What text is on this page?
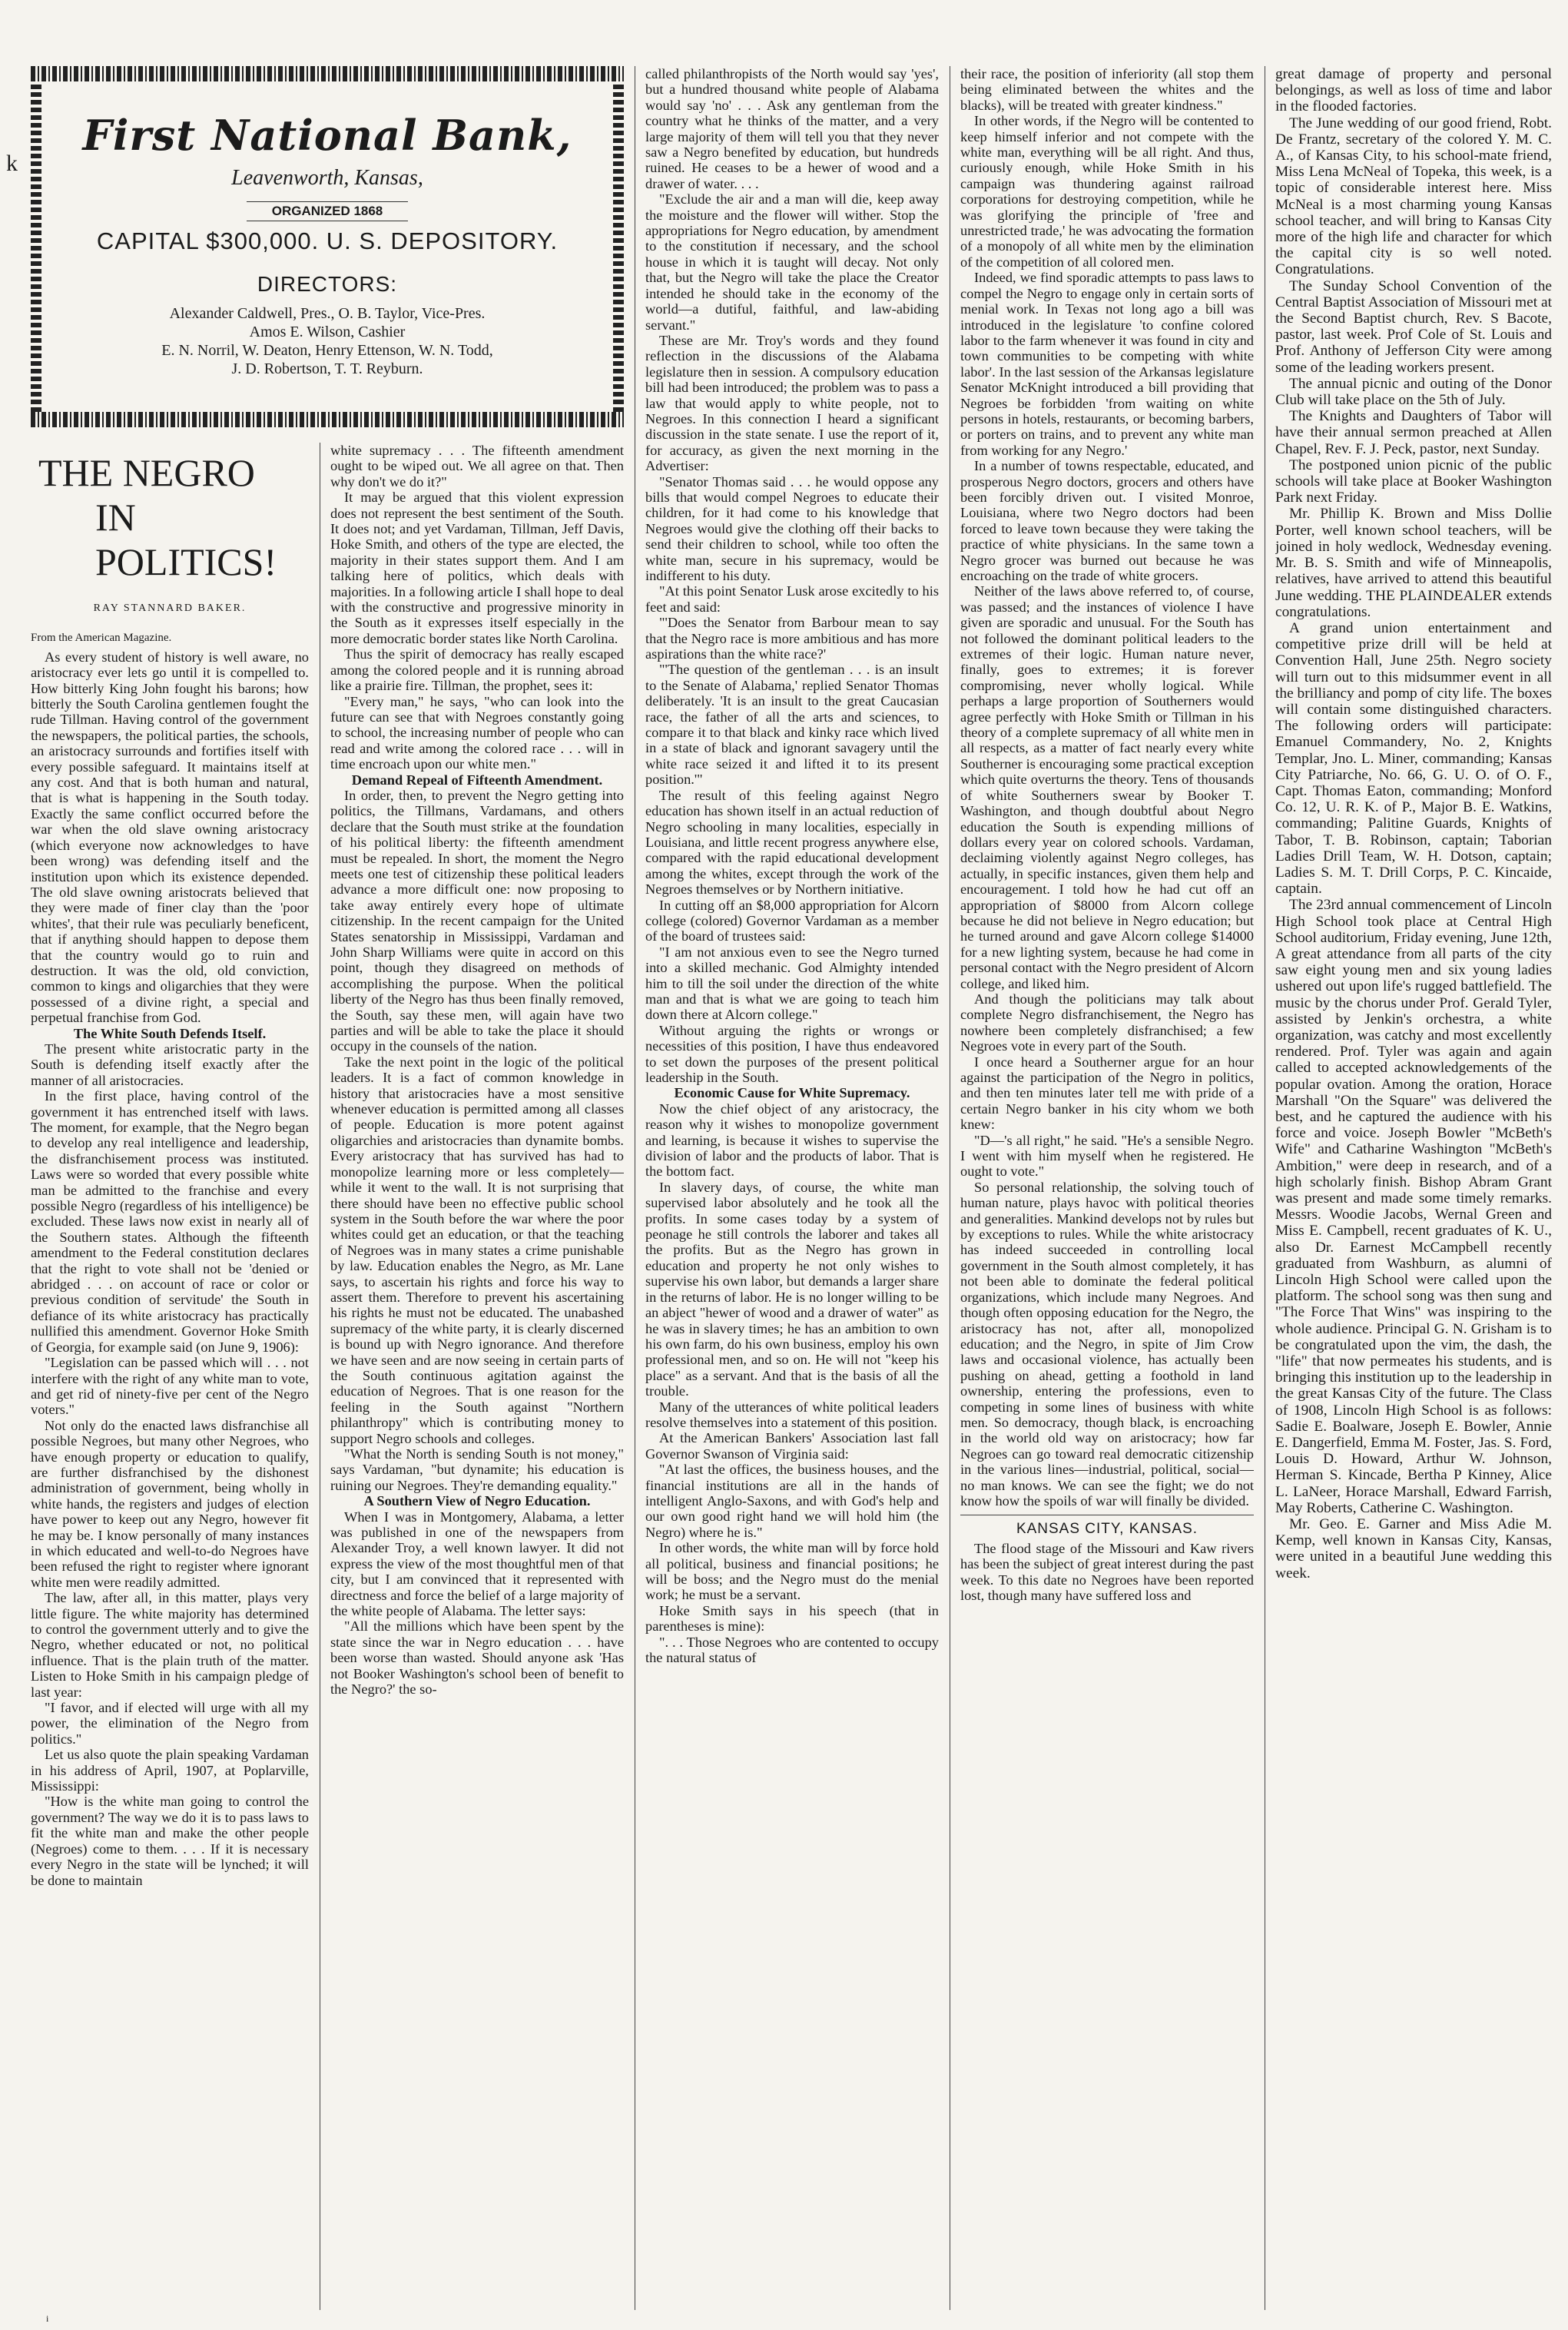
k
First National Bank,
Leavenworth, Kansas,
ORGANIZED 1868
CAPITAL $300,000. U. S. DEPOSITORY.
DIRECTORS:
Alexander Caldwell, Pres., O. B. Taylor, Vice-Pres.
Amos E. Wilson, Cashier
E. N. Norril, W. Deaton, Henry Ettenson, W. N. Todd,
J. D. Robertson, T. T. Reyburn.
THE NEGRO
IN POLITICS!
RAY STANNARD BAKER.
From the American Magazine.

As every student of history is well aware, no aristocracy ever lets go until it is compelled to. How bitterly King John fought his barons; how bitterly the South Carolina gentlemen fought the rude Tillman. Having control of the government the newspapers, the political parties, the schools, an aristocracy surrounds and fortifies itself with every possible safeguard. It maintains itself at any cost. And that is both human and natural, that is what is happening in the South today. Exactly the same conflict occurred before the war when the old slave owning aristocracy (which everyone now acknowledges to have been wrong) was defending itself and the institution upon which its existence depended. The old slave owning aristocrats believed that they were made of finer clay than the 'poor whites', that their rule was peculiarly beneficent, that if anything should happen to depose them that the country would go to ruin and destruction. It was the old, old conviction, common to kings and oligarchies that they were possessed of a divine right, a special and perpetual franchise from God.

The White South Defends Itself.

The present white aristocratic party in the South is defending itself exactly after the manner of all aristocracies.

In the first place, having control of the government it has entrenched itself with laws. The moment, for example, that the Negro began to develop any real intelligence and leadership, the disfranchisement process was instituted. Laws were so worded that every possible white man be admitted to the franchise and every possible Negro (regardless of his intelligence) be excluded. These laws now exist in nearly all of the Southern states. Although the fifteenth amendment to the Federal constitution declares that the right to vote shall not be 'denied or abridged . . . on account of race or color or previous condition of servitude' the South in defiance of its white aristocracy has practically nullified this amendment. Governor Hoke Smith of Georgia, for example said (on June 9, 1906):

"Legislation can be passed which will . . . not interfere with the right of any white man to vote, and get rid of ninety-five per cent of the Negro voters."

Not only do the enacted laws disfranchise all possible Negroes, but many other Negroes, who have enough property or education to qualify, are further disfranchised by the dishonest administration of government, being wholly in white hands, the registers and judges of election have power to keep out any Negro, however fit he may be. I know personally of many instances in which educated and well-to-do Negroes have been refused the right to register where ignorant white men were readily admitted.

The law, after all, in this matter, plays very little figure. The white majority has determined to control the government utterly and to give the Negro, whether educated or not, no political influence. That is the plain truth of the matter. Listen to Hoke Smith in his campaign pledge of last year:

"I favor, and if elected will urge with all my power, the elimination of the Negro from politics."

Let us also quote the plain speaking Vardaman in his address of April, 1907, at Poplarville, Mississippi:

"How is the white man going to control the government? The way we do it is to pass laws to fit the white man and make the other people (Negroes) come to them. . . . If it is necessary every Negro in the state will be lynched; it will be done to maintain

white supremacy . . . The fifteenth amendment ought to be wiped out. We all agree on that. Then why don't we do it?"

It may be argued that this violent expression does not represent the best sentiment of the South. It does not; and yet Vardaman, Tillman, Jeff Davis, Hoke Smith, and others of the type are elected, the majority in their states support them. And I am talking here of politics, which deals with majorities. In a following article I shall hope to deal with the constructive and progressive minority in the South as it expresses itself especially in the more democratic border states like North Carolina.

Thus the spirit of democracy has really escaped among the colored people and it is running abroad like a prairie fire. Tillman, the prophet, sees it:

"Every man," he says, "who can look into the future can see that with Negroes constantly going to school, the increasing number of people who can read and write among the colored race . . . will in time encroach upon our white men."

Demand Repeal of Fifteenth Amendment.

In order, then, to prevent the Negro getting into politics, the Tillmans, Vardamans, and others declare that the South must strike at the foundation of his political liberty: the fifteenth amendment must be repealed. In short, the moment the Negro meets one test of citizenship these political leaders advance a more difficult one: now proposing to take away entirely every hope of ultimate citizenship. In the recent campaign for the United States senatorship in Mississippi, Vardaman and John Sharp Williams were quite in accord on this point, though they disagreed on methods of accomplishing the purpose. When the political liberty of the Negro has thus been finally removed, the South, say these men, will again have two parties and will be able to take the place it should occupy in the counsels of the nation.

Take the next point in the logic of the political leaders. It is a fact of common knowledge in history that aristocracies have a most sensitive whenever education is permitted among all classes of people. Education is more potent against oligarchies and aristocracies than dynamite bombs. Every aristocracy that has survived has had to monopolize learning more or less completely—while it went to the wall. It is not surprising that there should have been no effective public school system in the South before the war where the poor whites could get an education, or that the teaching of Negroes was in many states a crime punishable by law. Education enables the Negro, as Mr. Lane says, to ascertain his rights and force his way to assert them. Therefore to prevent his ascertaining his rights he must not be educated. The unabashed supremacy of the white party, it is clearly discerned is bound up with Negro ignorance. And therefore we have seen and are now seeing in certain parts of the South continuous agitation against the education of Negroes. That is one reason for the feeling in the South against "Northern philanthropy" which is contributing money to support Negro schools and colleges.

"What the North is sending South is not money," says Vardaman, "but dynamite; his education is ruining our Negroes. They're demanding equality."

A Southern View of Negro Education.

When I was in Montgomery, Alabama, a letter was published in one of the newspapers from Alexander Troy, a well known lawyer. It did not express the view of the most thoughtful men of that city, but I am convinced that it represented with directness and force the belief of a large majority of the white people of Alabama. The letter says:

"All the millions which have been spent by the state since the war in Negro education . . . have been worse than wasted. Should anyone ask 'Has not Booker Washington's school been of benefit to the Negro?' the so-

called philanthropists of the North would say 'yes', but a hundred thousand white people of Alabama would say 'no' . . . Ask any gentleman from the country what he thinks of the matter, and a very large majority of them will tell you that they never saw a Negro benefited by education, but hundreds ruined. He ceases to be a hewer of wood and a drawer of water. . . .

"Exclude the air and a man will die, keep away the moisture and the flower will wither. Stop the appropriations for Negro education, by amendment to the constitution if necessary, and the school house in which it is taught will decay. Not only that, but the Negro will take the place the Creator intended he should take in the economy of the world—a dutiful, faithful, and law-abiding servant."

These are Mr. Troy's words and they found reflection in the discussions of the Alabama legislature then in session. A compulsory education bill had been introduced; the problem was to pass a law that would apply to white people, not to Negroes. In this connection I heard a significant discussion in the state senate. I use the report of it, for accuracy, as given the next morning in the Advertiser:

"Senator Thomas said . . . he would oppose any bills that would compel Negroes to educate their children, for it had come to his knowledge that Negroes would give the clothing off their backs to send their children to school, while too often the white man, secure in his supremacy, would be indifferent to his duty.

"At this point Senator Lusk arose excitedly to his feet and said:

"'Does the Senator from Barbour mean to say that the Negro race is more ambitious and has more aspirations than the white race?'

"'The question of the gentleman . . . is an insult to the Senate of Alabama,' replied Senator Thomas deliberately. 'It is an insult to the great Caucasian race, the father of all the arts and sciences, to compare it to that black and kinky race which lived in a state of black and ignorant savagery until the white race seized it and lifted it to its present position.'"

The result of this feeling against Negro education has shown itself in an actual reduction of Negro schooling in many localities, especially in Louisiana, and little recent progress anywhere else, compared with the rapid educational development among the whites, except through the work of the Negroes themselves or by Northern initiative.

In cutting off an $8,000 appropriation for Alcorn college (colored) Governor Vardaman as a member of the board of trustees said:

"I am not anxious even to see the Negro turned into a skilled mechanic. God Almighty intended him to till the soil under the direction of the white man and that is what we are going to teach him down there at Alcorn college."

Without arguing the rights or wrongs or necessities of this position, I have thus endeavored to set down the purposes of the present political leadership in the South.

Economic Cause for White Supremacy.

Now the chief object of any aristocracy, the reason why it wishes to monopolize government and learning, is because it wishes to supervise the division of labor and the products of labor. That is the bottom fact.

In slavery days, of course, the white man supervised labor absolutely and he took all the profits. In some cases today by a system of peonage he still controls the laborer and takes all the profits. But as the Negro has grown in education and property he not only wishes to supervise his own labor, but demands a larger share in the returns of labor. He is no longer willing to be an abject "hewer of wood and a drawer of water" as he was in slavery times; he has an ambition to own his own farm, do his own business, employ his own professional men, and so on. He will not "keep his place" as a servant. And that is the basis of all the trouble.

Many of the utterances of white political leaders resolve themselves into a statement of this position.

At the American Bankers' Association last fall Governor Swanson of Virginia said:

"At last the offices, the business houses, and the financial institutions are all in the hands of intelligent Anglo-Saxons, and with God's help and our own good right hand we will hold him (the Negro) where he is."

In other words, the white man will by force hold all political, business and financial positions; he will be boss; and the Negro must do the menial work; he must be a servant.

Hoke Smith says in his speech (that in parentheses is mine):

". . . Those Negroes who are contented to occupy the natural status of

their race, the position of inferiority (all stop them being eliminated between the whites and the blacks), will be treated with greater kindness."

In other words, if the Negro will be contented to keep himself inferior and not compete with the white man, everything will be all right. And thus, curiously enough, while Hoke Smith in his campaign was thundering against railroad corporations for destroying competition, while he was glorifying the principle of 'free and unrestricted trade,' he was advocating the formation of a monopoly of all white men by the elimination of the competition of all colored men.

Indeed, we find sporadic attempts to pass laws to compel the Negro to engage only in certain sorts of menial work. In Texas not long ago a bill was introduced in the legislature 'to confine colored labor to the farm whenever it was found in city and town communities to be competing with white labor'. In the last session of the Arkansas legislature Senator McKnight introduced a bill providing that Negroes be forbidden 'from waiting on white persons in hotels, restaurants, or becoming barbers, or porters on trains, and to prevent any white man from working for any Negro.'

In a number of towns respectable, educated, and prosperous Negro doctors, grocers and others have been forcibly driven out. I visited Monroe, Louisiana, where two Negro doctors had been forced to leave town because they were taking the practice of white physicians. In the same town a Negro grocer was burned out because he was encroaching on the trade of white grocers.

Neither of the laws above referred to, of course, was passed; and the instances of violence I have given are sporadic and unusual. For the South has not followed the dominant political leaders to the extremes of their logic. Human nature never, finally, goes to extremes; it is forever compromising, never wholly logical. While perhaps a large proportion of Southerners would agree perfectly with Hoke Smith or Tillman in his theory of a complete supremacy of all white men in all respects, as a matter of fact nearly every white Southerner is encouraging some practical exception which quite overturns the theory. Tens of thousands of white Southerners swear by Booker T. Washington, and though doubtful about Negro education the South is expending millions of dollars every year on colored schools. Vardaman, declaiming violently against Negro colleges, has actually, in specific instances, given them help and encouragement. I told how he had cut off an appropriation of $8000 from Alcorn college because he did not believe in Negro education; but he turned around and gave Alcorn college $14000 for a new lighting system, because he had come in personal contact with the Negro president of Alcorn college, and liked him.

And though the politicians may talk about complete Negro disfranchisement, the Negro has nowhere been completely disfranchised; a few Negroes vote in every part of the South.

I once heard a Southerner argue for an hour against the participation of the Negro in politics, and then ten minutes later tell me with pride of a certain Negro banker in his city whom we both knew:

"D—'s all right," he said. "He's a sensible Negro. I went with him myself when he registered. He ought to vote."

So personal relationship, the solving touch of human nature, plays havoc with political theories and generalities. Mankind develops not by rules but by exceptions to rules. While the white aristocracy has indeed succeeded in controlling local government in the South almost completely, it has not been able to dominate the federal political organizations, which include many Negroes. And though often opposing education for the Negro, the aristocracy has not, after all, monopolized education; and the Negro, in spite of Jim Crow laws and occasional violence, has actually been pushing on ahead, getting a foothold in land ownership, entering the professions, even to competing in some lines of business with white men. So democracy, though black, is encroaching in the world old way on aristocracy; how far Negroes can go toward real democratic citizenship in the various lines—industrial, political, social—no man knows. We can see the fight; we do not know how the spoils of war will finally be divided.

KANSAS CITY, KANSAS.

The flood stage of the Missouri and Kaw rivers has been the subject of great interest during the past week. To this date no Negroes have been reported lost, though many have suffered loss and

great damage of property and personal belongings, as well as loss of time and labor in the flooded factories.

The June wedding of our good friend, Robt. De Frantz, secretary of the colored Y. M. C. A., of Kansas City, to his school-mate friend, Miss Lena McNeal of Topeka, this week, is a topic of considerable interest here. Miss McNeal is a most charming young Kansas school teacher, and will bring to Kansas City more of the high life and character for which the capital city is so well noted. Congratulations.

The Sunday School Convention of the Central Baptist Association of Missouri met at the Second Baptist church, Rev. S Bacote, pastor, last week. Prof Cole of St. Louis and Prof. Anthony of Jefferson City were among some of the leading workers present.

The annual picnic and outing of the Donor Club will take place on the 5th of July.

The Knights and Daughters of Tabor will have their annual sermon preached at Allen Chapel, Rev. F. J. Peck, pastor, next Sunday.

The postponed union picnic of the public schools will take place at Booker Washington Park next Friday.

Mr. Phillip K. Brown and Miss Dollie Porter, well known school teachers, will be joined in holy wedlock, Wednesday evening. Mr. B. S. Smith and wife of Minneapolis, relatives, have arrived to attend this beautiful June wedding. THE PLAINDEALER extends congratulations.

A grand union entertainment and competitive prize drill will be held at Convention Hall, June 25th. Negro society will turn out to this midsummer event in all the brilliancy and pomp of city life. The boxes will contain some distinguished characters. The following orders will participate: Emanuel Commandery, No. 2, Knights Templar, Jno. L. Miner, commanding; Kansas City Patriarche, No. 66, G. U. O. of O. F., Capt. Thomas Eaton, commanding; Monford Co. 12, U. R. K. of P., Major B. E. Watkins, commanding; Palitine Guards, Knights of Tabor, T. B. Robinson, captain; Taborian Ladies Drill Team, W. H. Dotson, captain; Ladies S. M. T. Drill Corps, P. C. Kincaide, captain.

The 23rd annual commencement of Lincoln High School took place at Central High School auditorium, Friday evening, June 12th, A great attendance from all parts of the city saw eight young men and six young ladies ushered out upon life's rugged battlefield. The music by the chorus under Prof. Gerald Tyler, assisted by Jenkin's orchestra, a white organization, was catchy and most excellently rendered. Prof. Tyler was again and again called to accepted acknowledgements of the popular ovation. Among the oration, Horace Marshall "On the Square" was delivered the best, and he captured the audience with his force and voice. Joseph Bowler "McBeth's Wife" and Catharine Washington "McBeth's Ambition," were deep in research, and of a high scholarly finish. Bishop Abram Grant was present and made some timely remarks. Messrs. Woodie Jacobs, Wernal Green and Miss E. Campbell, recent graduates of K. U., also Dr. Earnest McCampbell recently graduated from Washburn, as alumni of Lincoln High School were called upon the platform. The school song was then sung and "The Force That Wins" was inspiring to the whole audience. Principal G. N. Grisham is to be congratulated upon the vim, the dash, the "life" that now permeates his students, and is bringing this institution up to the leadership in the great Kansas City of the future. The Class of 1908, Lincoln High School is as follows: Sadie E. Boalware, Joseph E. Bowler, Annie E. Dangerfield, Emma M. Foster, Jas. S. Ford, Louis D. Howard, Arthur W. Johnson, Herman S. Kincade, Bertha P Kinney, Alice L. LaNeer, Horace Marshall, Edward Farrish, May Roberts, Catherine C. Washington.

Mr. Geo. E. Garner and Miss Adie M. Kemp, well known in Kansas City, Kansas, were united in a beautiful June wedding this week.

i
